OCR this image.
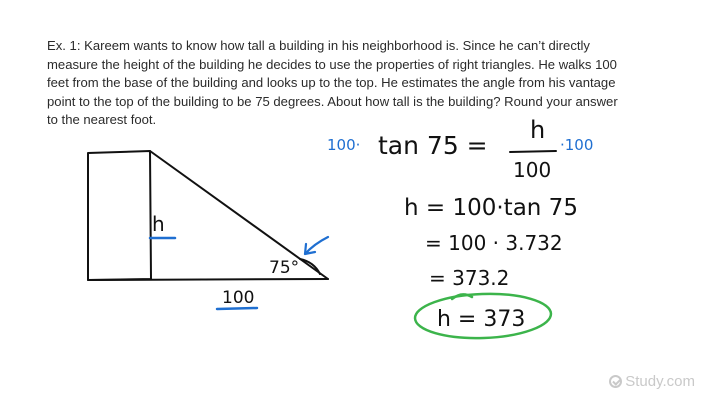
Ex. 1: Kareem wants to know how tall a building in his neighborhood is. Since he can’t directly
measure the height of the building he decides to use the properties of right triangles. He walks 100
feet from the base of the building and looks up to the top. He estimates the angle from his vantage
point to the top of the building to be 75 degrees. About how tall is the building? Round your answer
to the nearest foot.

h
75°
100
100· tan 75 =
h
100
·100
h = 100·tan 75
= 100 · 3.732
= 373.2
h = 373
Study.com
